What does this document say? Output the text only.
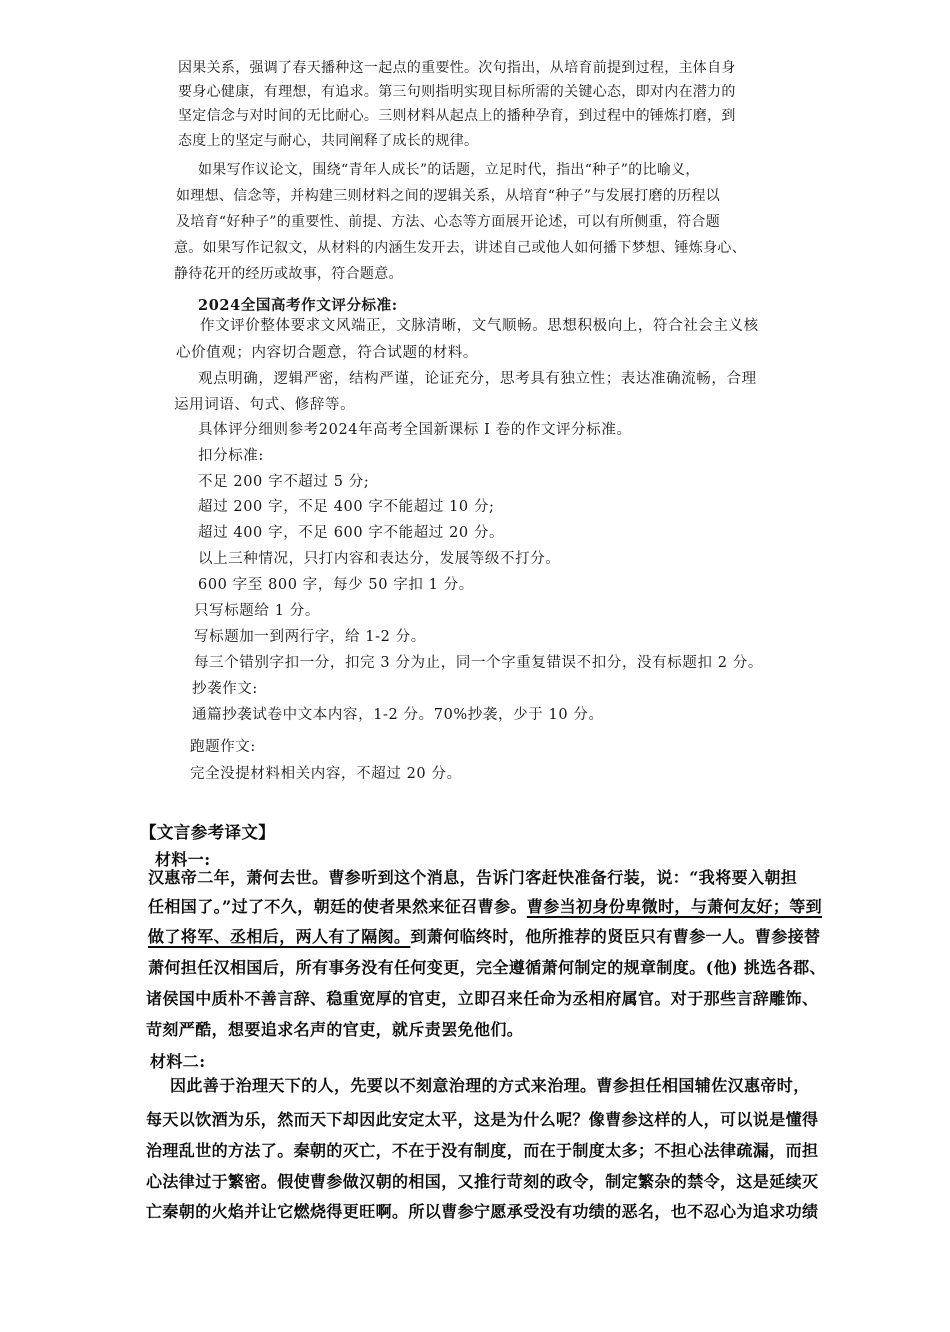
因果关系，强调了春天播种这一起点的重要性。次句指出，从培育前提到过程，主体自身

要身心健康，有理想，有追求。第三句则指明实现目标所需的关键心态，即对内在潜力的

坚定信念与对时间的无比耐心。三则材料从起点上的播种孕育，到过程中的锤炼打磨，到

态度上的坚定与耐心，共同阐释了成长的规律。

如果写作议论文，围绕“青年人成长”的话题，立足时代，指出“种子”的比喻义，

如理想、信念等，并构建三则材料之间的逻辑关系，从培育“种子”与发展打磨的历程以

及培育“好种子”的重要性、前提、方法、心态等方面展开论述，可以有所侧重，符合题

意。如果写作记叙文，从材料的内涵生发开去，讲述自己或他人如何播下梦想、锤炼身心、

静待花开的经历或故事，符合题意。

2024全国高考作文评分标准:

作文评价整体要求文风端正，文脉清晰，文气顺畅。思想积极向上，符合社会主义核

心价值观；内容切合题意，符合试题的材料。

观点明确，逻辑严密，结构严谨，论证充分，思考具有独立性；表达准确流畅，合理

运用词语、句式、修辞等。

具体评分细则参考2024年高考全国新课标 Ⅰ 卷的作文评分标准。

扣分标准:

不足 200 字不超过 5 分;

超过 200 字，不足 400 字不能超过 10 分;

超过 400 字，不足 600 字不能超过 20 分。

以上三种情况，只打内容和表达分，发展等级不打分。

600 字至 800 字，每少 50 字扣 1 分。

只写标题给 1 分。

写标题加一到两行字，给 1-2 分。

每三个错别字扣一分，扣完 3 分为止，同一个字重复错误不扣分，没有标题扣 2 分。

抄袭作文:

通篇抄袭试卷中文本内容，1-2 分。70%抄袭，少于 10 分。

跑题作文:

完全没提材料相关内容，不超过 20 分。

【文言参考译文】

材料一:

汉惠帝二年，萧何去世。曹参听到这个消息，告诉门客赶快准备行装，说：“我将要入朝担

任相国了。”过了不久，朝廷的使者果然来征召曹参。曹参当初身份卑微时，与萧何友好；等到

做了将军、丞相后，两人有了隔阂。到萧何临终时，他所推荐的贤臣只有曹参一人。曹参接替

萧何担任汉相国后，所有事务没有任何变更，完全遵循萧何制定的规章制度。(他) 挑选各郡、

诸侯国中质朴不善言辞、稳重宽厚的官吏，立即召来任命为丞相府属官。对于那些言辞雕饰、

苛刻严酷，想要追求名声的官吏，就斥责罢免他们。

材料二:

因此善于治理天下的人，先要以不刻意治理的方式来治理。曹参担任相国辅佐汉惠帝时，

每天以饮酒为乐，然而天下却因此安定太平，这是为什么呢？像曹参这样的人，可以说是懂得

治理乱世的方法了。秦朝的灭亡，不在于没有制度，而在于制度太多；不担心法律疏漏，而担

心法律过于繁密。假使曹参做汉朝的相国，又推行苛刻的政令，制定繁杂的禁令，这是延续灭

亡秦朝的火焰并让它燃烧得更旺啊。所以曹参宁愿承受没有功绩的恶名，也不忍心为追求功绩
